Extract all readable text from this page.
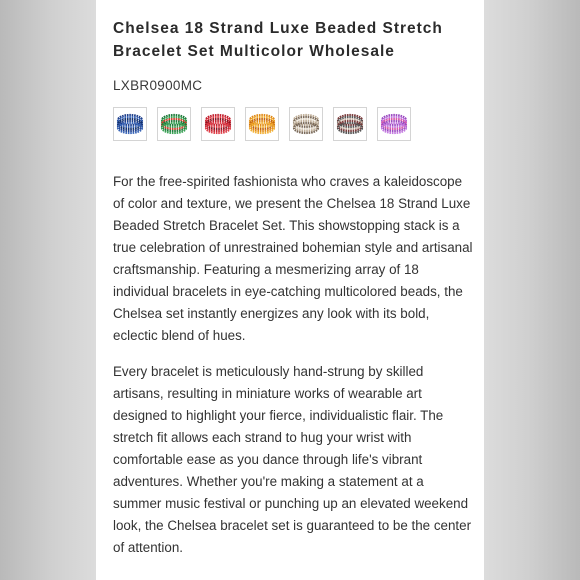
Chelsea 18 Strand Luxe Beaded Stretch Bracelet Set Multicolor Wholesale
LXBR0900MC

For the free-spirited fashionista who craves a kaleidoscope of color and texture, we present the Chelsea 18 Strand Luxe Beaded Stretch Bracelet Set. This showstopping stack is a true celebration of unrestrained bohemian style and artisanal craftsmanship. Featuring a mesmerizing array of 18 individual bracelets in eye-catching multicolored beads, the Chelsea set instantly energizes any look with its bold, eclectic blend of hues.

Every bracelet is meticulously hand-strung by skilled artisans, resulting in miniature works of wearable art designed to highlight your fierce, individualistic flair. The stretch fit allows each strand to hug your wrist with comfortable ease as you dance through life's vibrant adventures. Whether you're making a statement at a summer music festival or punching up an elevated weekend look, the Chelsea bracelet set is guaranteed to be the center of attention.
